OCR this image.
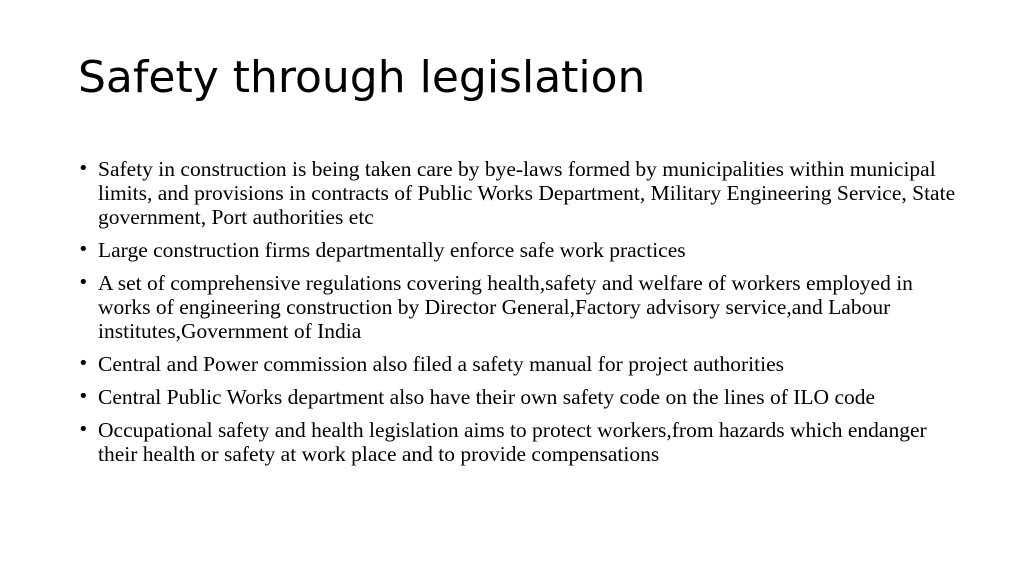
Safety through legislation
• Safety in construction is being taken care by bye-laws formed by municipalities within municipal limits, and provisions in contracts of Public Works Department, Military Engineering Service, State government, Port authorities etc
• Large construction firms departmentally enforce safe work practices
• A set of comprehensive regulations covering health,safety and welfare of workers employed in works of engineering construction by Director General,Factory advisory service,and Labour institutes,Government of India
• Central and Power commission also filed a safety manual for project authorities
• Central Public Works department also have their own safety code on the lines of ILO code
• Occupational safety and health legislation aims to protect workers,from hazards which endanger their health or safety at work place and to provide compensations
